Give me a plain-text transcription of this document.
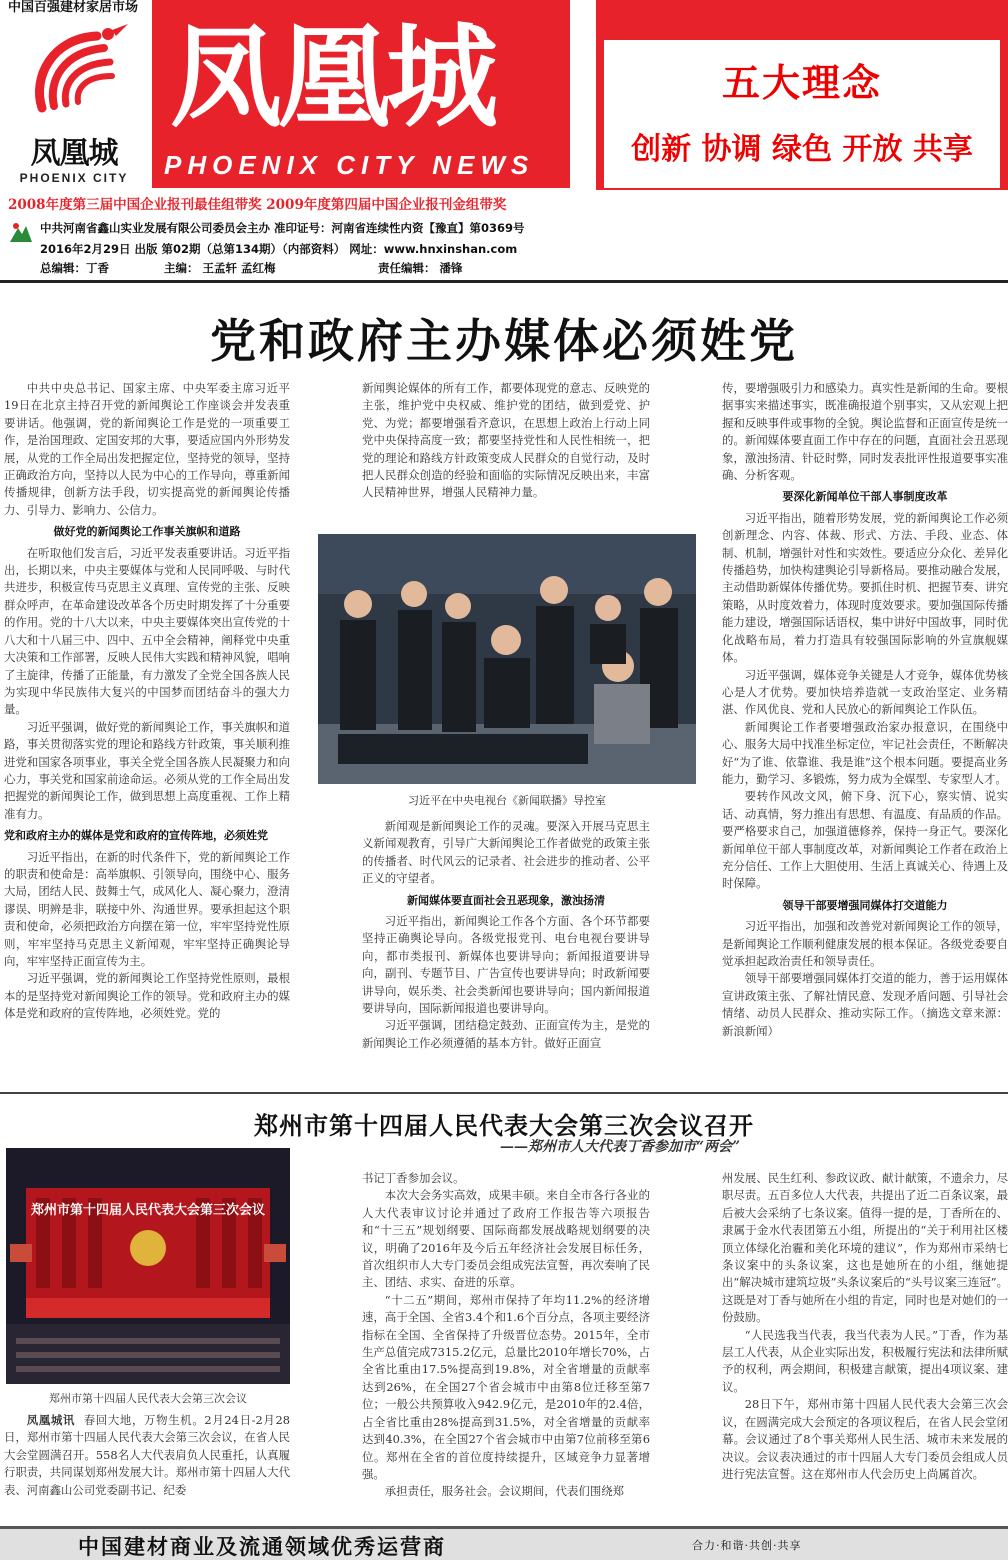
中国百强建材家居市场
凤凰城
PHOENIX CITY
凤凰城
PHOENIX CITY NEWS
五大理念
创新 协调 绿色 开放 共享
2008年度第三届中国企业报刊最佳组带奖 2009年度第四届中国企业报刊金组带奖
中共河南省鑫山实业发展有限公司委员会主办 准印证号：河南省连续性内资【豫直】第0369号
2016年2月29日 出版 第02期（总第134期）（内部资料） 网址：www.hnxinshan.com
总编辑：丁香	主编： 王孟轩 孟红梅	责任编辑： 潘锋
党和政府主办媒体必须姓党

中共中央总书记、国家主席、中央军委主席习近平19日在北京主持召开党的新闻舆论工作座谈会并发表重要讲话。他强调，党的新闻舆论工作是党的一项重要工作，是治国理政、定国安邦的大事，要适应国内外形势发展，从党的工作全局出发把握定位，坚持党的领导，坚持正确政治方向，坚持以人民为中心的工作导向，尊重新闻传播规律，创新方法手段，切实提高党的新闻舆论传播力、引导力、影响力、公信力。

做好党的新闻舆论工作事关旗帜和道路

在听取他们发言后，习近平发表重要讲话。习近平指出，长期以来，中央主要媒体与党和人民同呼吸、与时代共进步，积极宣传马克思主义真理、宣传党的主张、反映群众呼声，在革命建设改革各个历史时期发挥了十分重要的作用。党的十八大以来，中央主要媒体突出宣传党的十八大和十八届三中、四中、五中全会精神，阐释党中央重大决策和工作部署，反映人民伟大实践和精神风貌，唱响了主旋律，传播了正能量，有力激发了全党全国各族人民为实现中华民族伟大复兴的中国梦而团结奋斗的强大力量。

习近平强调，做好党的新闻舆论工作，事关旗帜和道路，事关贯彻落实党的理论和路线方针政策，事关顺利推进党和国家各项事业，事关全党全国各族人民凝聚力和向心力，事关党和国家前途命运。必须从党的工作全局出发把握党的新闻舆论工作，做到思想上高度重视、工作上精准有力。

党和政府主办的媒体是党和政府的宣传阵地，必须姓党

习近平指出，在新的时代条件下，党的新闻舆论工作的职责和使命是：高举旗帜、引领导向，围绕中心、服务大局，团结人民、鼓舞士气，成风化人、凝心聚力，澄清谬误、明辨是非，联接中外、沟通世界。要承担起这个职责和使命，必须把政治方向摆在第一位，牢牢坚持党性原则，牢牢坚持马克思主义新闻观，牢牢坚持正确舆论导向，牢牢坚持正面宣传为主。

习近平强调，党的新闻舆论工作坚持党性原则，最根本的是坚持党对新闻舆论工作的领导。党和政府主办的媒体是党和政府的宣传阵地，必须姓党。党的

新闻舆论媒体的所有工作，都要体现党的意志、反映党的主张，维护党中央权威、维护党的团结，做到爱党、护党、为党；都要增强看齐意识，在思想上政治上行动上同党中央保持高度一致；都要坚持党性和人民性相统一，把党的理论和路线方针政策变成人民群众的自觉行动，及时把人民群众创造的经验和面临的实际情况反映出来，丰富人民精神世界，增强人民精神力量。

习近平在中央电视台《新闻联播》导控室

新闻观是新闻舆论工作的灵魂。要深入开展马克思主义新闻观教育，引导广大新闻舆论工作者做党的政策主张的传播者、时代风云的记录者、社会进步的推动者、公平正义的守望者。

新闻媒体要直面社会丑恶现象，激浊扬清

习近平指出，新闻舆论工作各个方面、各个环节都要坚持正确舆论导向。各级党报党刊、电台电视台要讲导向，都市类报刊、新媒体也要讲导向；新闻报道要讲导向，副刊、专题节目、广告宣传也要讲导向；时政新闻要讲导向，娱乐类、社会类新闻也要讲导向；国内新闻报道要讲导向，国际新闻报道也要讲导向。

习近平强调，团结稳定鼓劲、正面宣传为主，是党的新闻舆论工作必须遵循的基本方针。做好正面宣

传，要增强吸引力和感染力。真实性是新闻的生命。要根据事实来描述事实，既准确报道个别事实，又从宏观上把握和反映事件或事物的全貌。舆论监督和正面宣传是统一的。新闻媒体要直面工作中存在的问题，直面社会丑恶现象，激浊扬清、针砭时弊，同时发表批评性报道要事实准确、分析客观。

要深化新闻单位干部人事制度改革

习近平指出，随着形势发展，党的新闻舆论工作必须创新理念、内容、体裁、形式、方法、手段、业态、体制、机制，增强针对性和实效性。要适应分众化、差异化传播趋势，加快构建舆论引导新格局。要推动融合发展，主动借助新媒体传播优势。要抓住时机、把握节奏、讲究策略，从时度效着力，体现时度效要求。要加强国际传播能力建设，增强国际话语权，集中讲好中国故事，同时优化战略布局，着力打造具有较强国际影响的外宣旗舰媒体。

习近平强调，媒体竞争关键是人才竞争，媒体优势核心是人才优势。要加快培养造就一支政治坚定、业务精湛、作风优良、党和人民放心的新闻舆论工作队伍。

新闻舆论工作者要增强政治家办报意识，在围绕中心、服务大局中找准坐标定位，牢记社会责任，不断解决好“为了谁、依靠谁、我是谁”这个根本问题。要提高业务能力，勤学习、多锻炼，努力成为全媒型、专家型人才。

要转作风改文风，俯下身、沉下心，察实情、说实话、动真情，努力推出有思想、有温度、有品质的作品。要严格要求自己，加强道德修养，保持一身正气。要深化新闻单位干部人事制度改革，对新闻舆论工作者在政治上充分信任、工作上大胆使用、生活上真诚关心、待遇上及时保障。

领导干部要增强同媒体打交道能力

习近平指出，加强和改善党对新闻舆论工作的领导，是新闻舆论工作顺利健康发展的根本保证。各级党委要自觉承担起政治责任和领导责任。

领导干部要增强同媒体打交道的能力，善于运用媒体宣讲政策主张、了解社情民意、发现矛盾问题、引导社会情绪、动员人民群众、推动实际工作。（摘选文章来源：新浪新闻）

郑州市第十四届人民代表大会第三次会议召开
——郑州市人大代表丁香参加市“两会”
郑州市第十四届人民代表大会第三次会议
郑州市第十四届人民代表大会第三次会议

凤凰城讯 春回大地，万物生机。2月24日-2月28日，郑州市第十四届人民代表大会第三次会议，在省人民大会堂圆满召开。558名人大代表肩负人民重托，认真履行职责，共同谋划郑州发展大计。郑州市第十四届人大代表、河南鑫山公司党委副书记、纪委

书记丁香参加会议。

本次大会务实高效，成果丰硕。来自全市各行各业的人大代表审议讨论并通过了政府工作报告等六项报告和“十三五”规划纲要、国际商都发展战略规划纲要的决议，明确了2016年及今后五年经济社会发展目标任务，首次组织市人大专门委员会组成宪法宣誓，再次奏响了民主、团结、求实、奋进的乐章。

“十二五”期间，郑州市保持了年均11.2%的经济增速，高于全国、全省3.4个和1.6个百分点，各项主要经济指标在全国、全省保持了升级晋位态势。2015年，全市生产总值完成7315.2亿元，总量比2010年增长70%，占全省比重由17.5%提高到19.8%，对全省增量的贡献率达到26%，在全国27个省会城市中由第8位迁移至第7位；一般公共预算收入942.9亿元，是2010年的2.4倍，占全省比重由28%提高到31.5%，对全省增量的贡献率达到40.3%，在全国27个省会城市中由第7位前移至第6位。郑州在全省的首位度持续提升，区域竞争力显著增强。

承担责任，服务社会。会议期间，代表们围绕郑

州发展、民生红利、参政议政、献计献策，不遗余力，尽职尽责。五百多位人大代表，共提出了近二百条议案，最后被大会采纳了七条议案。值得一提的是，丁香所在的、隶属于金水代表团第五小组，所提出的“关于利用社区楼顶立体绿化治霾和美化环境的建议”，作为郑州市采纳七条议案中的头条议案，这也是她所在的小组，继她提出“解决城市建筑垃圾”头条议案后的“头号议案三连冠”。这既是对丁香与她所在小组的肯定，同时也是对她们的一份鼓励。

“人民选我当代表，我当代表为人民。”丁香，作为基层工人代表，从企业实际出发，积极履行宪法和法律所赋予的权利，两会期间，积极建言献策，提出4项议案、建议。

28日下午，郑州市第十四届人民代表大会第三次会议，在圆满完成大会预定的各项议程后，在省人民会堂闭幕。会议通过了8个事关郑州人民生活、城市未来发展的决议。会议表决通过的市十四届人大专门委员会组成人员进行宪法宣誓。这在郑州市人代会历史上尚属首次。

中国建材商业及流通领域优秀运营商	合力·和谐·共创·共享
